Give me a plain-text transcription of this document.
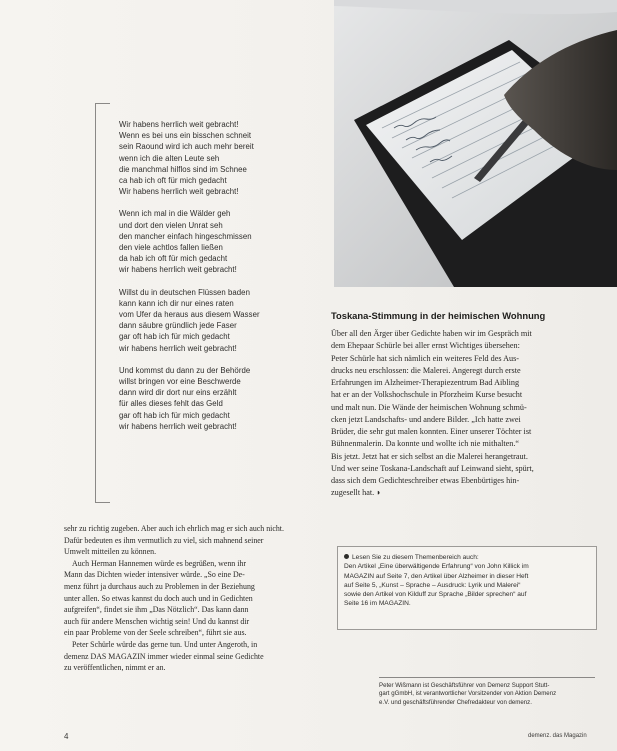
Wir habens herrlich weit gebracht!
Wenn es bei uns ein bisschen schneit
sein Raound wird ich auch mehr bereit
wenn ich die alten Leute seh
die manchmal hilflos sind im Schnee
ca hab ich oft für mich gedacht
Wir habens herrlich weit gebracht!
Wenn ich mal in die Wälder geh
und dort den vielen Unrat seh
den mancher einfach hingeschmissen
den viele achtlos fallen ließen
da hab ich oft für mich gedacht
wir habens herrlich weit gebracht!
Willst du in deutschen Flüssen baden
kann kann ich dir nur eines raten
vom Ufer da heraus aus diesem Wasser
dann säubre gründlich jede Faser
gar oft hab ich für mich gedacht
wir habens herrlich weit gebracht!
Und kommst du dann zu der Behörde
willst bringen vor eine Beschwerde
dann wird dir dort nur eins erzählt
für alles dieses fehlt das Geld
gar oft hab ich für mich gedacht
wir habens herrlich weit gebracht!
Toskana-Stimmung in der heimischen Wohnung
Über all den Ärger über Gedichte haben wir im Gespräch mit
dem Ehepaar Schürle bei aller ernst Wichtiges übersehen:
Peter Schürle hat sich nämlich ein weiteres Feld des Aus-
drucks neu erschlossen: die Malerei. Angeregt durch erste
Erfahrungen im Alzheimer-Therapiezentrum Bad Aibling
hat er an der Volkshochschule in Pforzheim Kurse besucht
und malt nun. Die Wände der heimischen Wohnung schmü-
cken jetzt Landschafts- und andere Bilder. „Ich hatte zwei
Brüder, die sehr gut malen konnten. Einer unserer Töchter ist
Bühnenmalerin. Da konnte und wollte ich nie mithalten.“
Bis jetzt. Jetzt hat er sich selbst an die Malerei herangetraut.
Und wer seine Toskana-Landschaft auf Leinwand sieht, spürt,
dass sich dem Gedichteschreiber etwas Ebenbürtiges hin-
zugesellt hat. ◗
sehr zu richtig zugeben. Aber auch ich ehrlich mag er sich auch nicht.
Dafür bedeuten es ihm vermutlich zu viel, sich mahnend seiner
Umwelt mitteilen zu können.
Auch Herman Hannemen würde es begrüßen, wenn ihr
Mann das Dichten wieder intensiver würde. „So eine De-
menz führt ja durchaus auch zu Problemen in der Beziehung
unter allen. So etwas kannst du doch auch und in Gedichten
aufgreifen“, findet sie ihm „Das Nötzlich“. Das kann dann
auch für andere Menschen wichtig sein! Und du kannst dir
ein paar Probleme von der Seele schreiben“, führt sie aus.
Peter Schürle würde das gerne tun. Und unter Angeroth, in
demenz DAS MAGAZIN immer wieder einmal seine Gedichte
zu veröffentlichen, nimmt er an.
Lesen Sie zu diesem Themenbereich auch:
Den Artikel „Eine überwältigende Erfahrung“ von John Killick im
MAGAZIN auf Seite 7, den Artikel über Alzheimer in dieser Heft
auf Seite 5, „Kunst – Sprache – Ausdruck: Lyrik und Malerei“
sowie den Artikel von Kilduff zur Sprache „Bilder sprechen“ auf
Seite 16 im MAGAZIN.
Peter Wißmann ist Geschäftsführer von Demenz Support Stutt-
gart gGmbH, ist verantwortlicher Vorsitzender von Aktion Demenz
e.V. und geschäftsführender Chefredakteur von demenz.
4	demenz. das Magazin
